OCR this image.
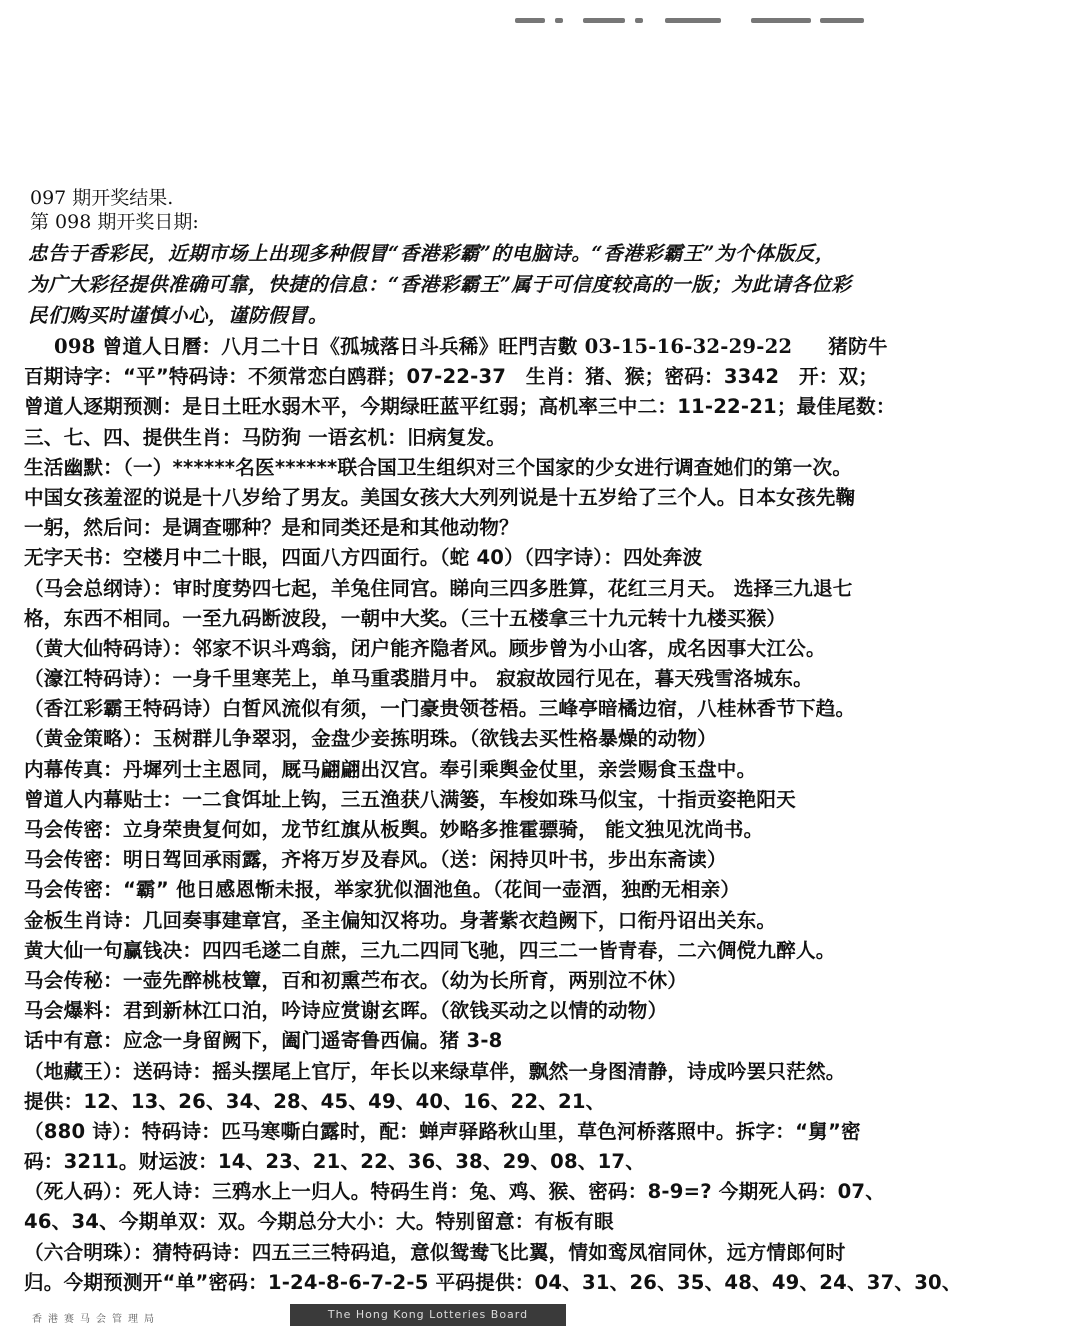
097 期开奖结果.
第 098 期开奖日期:
忠告于香彩民，近期市场上出现多种假冒“香港彩霸”的电脑诗。“香港彩霸王”为个体版反，
为广大彩径提供准确可靠，快捷的信息：“香港彩霸王”属于可信度较高的一版；为此请各位彩
民们购买时谨慎小心，谨防假冒。
098 曾道人日曆：八月二十日《孤城落日斗兵稀》旺門吉數 03-15-16-32-29-22 猪防牛
百期诗字：“平”特码诗：不须常恋白鸥群；07-22-37　生肖：猪、猴；密码：3342　开：双；
曾道人逐期预测：是日土旺水弱木平，今期绿旺蓝平红弱；高机率三中二：11-22-21；最佳尾数：
三、七、四、提供生肖：马防狗 一语玄机：旧病复发。
生活幽默：（一）******名医******联合国卫生组织对三个国家的少女进行调查她们的第一次。
中国女孩羞涩的说是十八岁给了男友。美国女孩大大列列说是十五岁给了三个人。日本女孩先鞠
一躬，然后问：是调查哪种？是和同类还是和其他动物？
无字天书：空楼月中二十眼，四面八方四面行。（蛇 40）（四字诗）：四处奔波
（马会总纲诗）：审时度势四七起，羊兔住同宫。睇向三四多胜算，花红三月天。 选择三九退七
格，东西不相同。一至九码断波段，一朝中大奖。（三十五楼拿三十九元转十九楼买猴）
（黄大仙特码诗）：邻家不识斗鸡翁，闭户能齐隐者风。顾步曾为小山客，成名因事大江公。
（濠江特码诗）：一身千里寒芜上，单马重裘腊月中。 寂寂故园行见在，暮天残雪洛城东。
（香江彩霸王特码诗）白皙风流似有须，一门豪贵领苍梧。三峰亭暗橘边宿，八桂林香节下趋。
（黄金策略）：玉树群儿争翠羽，金盘少妾拣明珠。（欲钱去买性格暴燥的动物）
内幕传真：丹墀列士主恩同，厩马翩翩出汉宫。奉引乘舆金仗里，亲尝赐食玉盘中。
曾道人内幕贴士：一二食饵址上钩，三五渔获八满篓，车梭如珠马似宝，十指贡姿艳阳天
马会传密：立身荣贵复何如，龙节红旗从板舆。妙略多推霍骠骑， 能文独见沈尚书。
马会传密：明日驾回承雨露，齐将万岁及春风。（送：闲持贝叶书，步出东斋读）
马会传密：“霸” 他日感恩惭未报，举家犹似涸池鱼。（花间一壶酒，独酌无相亲）
金板生肖诗：几回奏事建章宫，圣主偏知汉将功。身著紫衣趋阙下，口衔丹诏出关东。
黄大仙一句赢钱决：四四毛遂二自蔗，三九二四同飞驰，四三二一皆青春，二六倜傥九醉人。
马会传秘：一壶先醉桃枝簟，百和初熏苎布衣。（幼为长所育，两别泣不休）
马会爆料：君到新林江口泊，吟诗应赏谢玄晖。（欲钱买动之以情的动物）
话中有意：应念一身留阙下，阖门遥寄鲁西偏。猪 3-8
（地藏王）：送码诗：摇头摆尾上官厅，年长以来绿草伴，飘然一身图清静，诗成吟罢只茫然。
提供：12、13、26、34、28、45、49、40、16、22、21、
（880 诗）：特码诗：匹马寒嘶白露时，配：蝉声驿路秋山里，草色河桥落照中。拆字：“舅”密
码：3211。财运波：14、23、21、22、36、38、29、08、17、
（死人码）：死人诗：三鸦水上一归人。特码生肖：兔、鸡、猴、密码：8-9=? 今期死人码：07、
46、34、今期单双：双。今期总分大小：大。特别留意：有板有眼
（六合明珠）：猜特码诗：四五三三特码追，意似鸳鸯飞比翼，情如鸾凤宿同休，远方情郎何时
归。今期预测开“单”密码：1-24-8-6-7-2-5 平码提供：04、31、26、35、48、49、24、37、30、
香港赛马会管理局	The Hong Kong Lotteries Board
